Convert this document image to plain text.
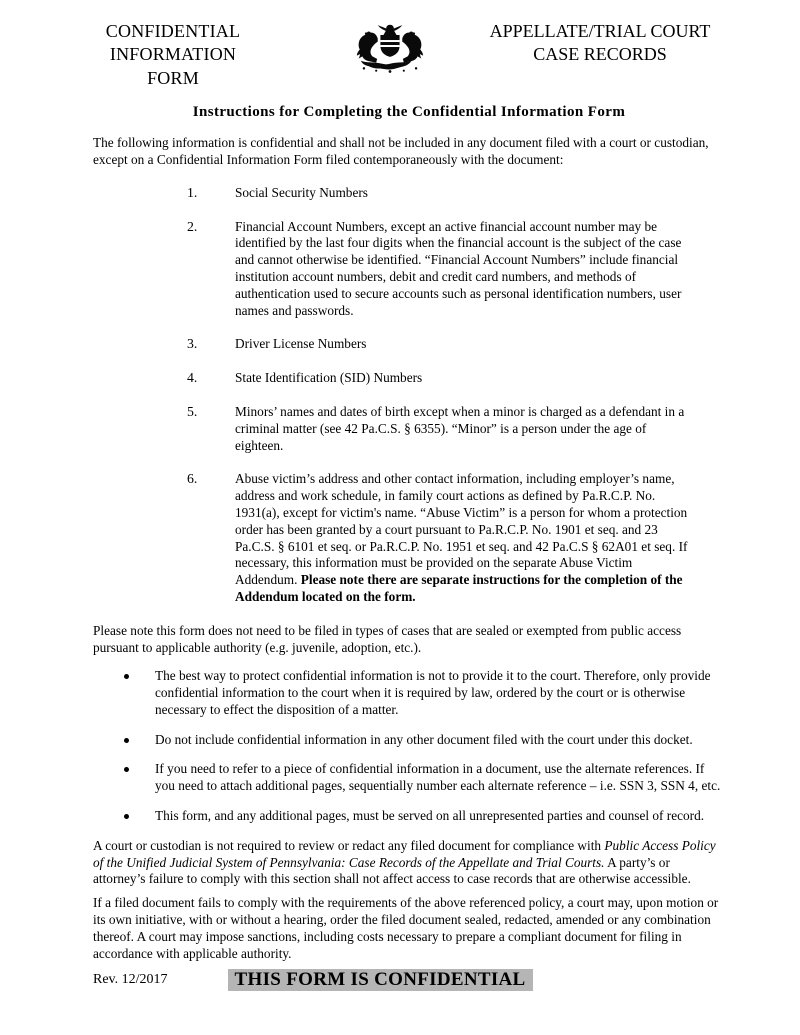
CONFIDENTIAL
INFORMATION
FORM
APPELLATE/TRIAL COURT
CASE RECORDS
Instructions for Completing the Confidential Information Form
The following information is confidential and shall not be included in any document filed with a court or custodian, except on a Confidential Information Form filed contemporaneously with the document:
1.	Social Security Numbers
2.	Financial Account Numbers, except an active financial account number may be identified by the last four digits when the financial account is the subject of the case and cannot otherwise be identified. “Financial Account Numbers” include financial institution account numbers, debit and credit card numbers, and methods of authentication used to secure accounts such as personal identification numbers, user names and passwords.
3.	Driver License Numbers
4.	State Identification (SID) Numbers
5.	Minors’ names and dates of birth except when a minor is charged as a defendant in a criminal matter (see 42 Pa.C.S. § 6355). “Minor” is a person under the age of eighteen.
6.	Abuse victim’s address and other contact information, including employer’s name, address and work schedule, in family court actions as defined by Pa.R.C.P. No. 1931(a), except for victim's name. “Abuse Victim” is a person for whom a protection order has been granted by a court pursuant to Pa.R.C.P. No. 1901 et seq. and 23 Pa.C.S. § 6101 et seq. or Pa.R.C.P. No. 1951 et seq. and 42 Pa.C.S § 62A01 et seq. If necessary, this information must be provided on the separate Abuse Victim Addendum. Please note there are separate instructions for the completion of the Addendum located on the form.
Please note this form does not need to be filed in types of cases that are sealed or exempted from public access pursuant to applicable authority (e.g. juvenile, adoption, etc.).
The best way to protect confidential information is not to provide it to the court. Therefore, only provide confidential information to the court when it is required by law, ordered by the court or is otherwise necessary to effect the disposition of a matter.
Do not include confidential information in any other document filed with the court under this docket.
If you need to refer to a piece of confidential information in a document, use the alternate references. If you need to attach additional pages, sequentially number each alternate reference – i.e. SSN 3, SSN 4, etc.
This form, and any additional pages, must be served on all unrepresented parties and counsel of record.
A court or custodian is not required to review or redact any filed document for compliance with Public Access Policy of the Unified Judicial System of Pennsylvania: Case Records of the Appellate and Trial Courts. A party’s or attorney’s failure to comply with this section shall not affect access to case records that are otherwise accessible.
If a filed document fails to comply with the requirements of the above referenced policy, a court may, upon motion or its own initiative, with or without a hearing, order the filed document sealed, redacted, amended or any combination thereof. A court may impose sanctions, including costs necessary to prepare a compliant document for filing in accordance with applicable authority.
Rev. 12/2017	THIS FORM IS CONFIDENTIAL
